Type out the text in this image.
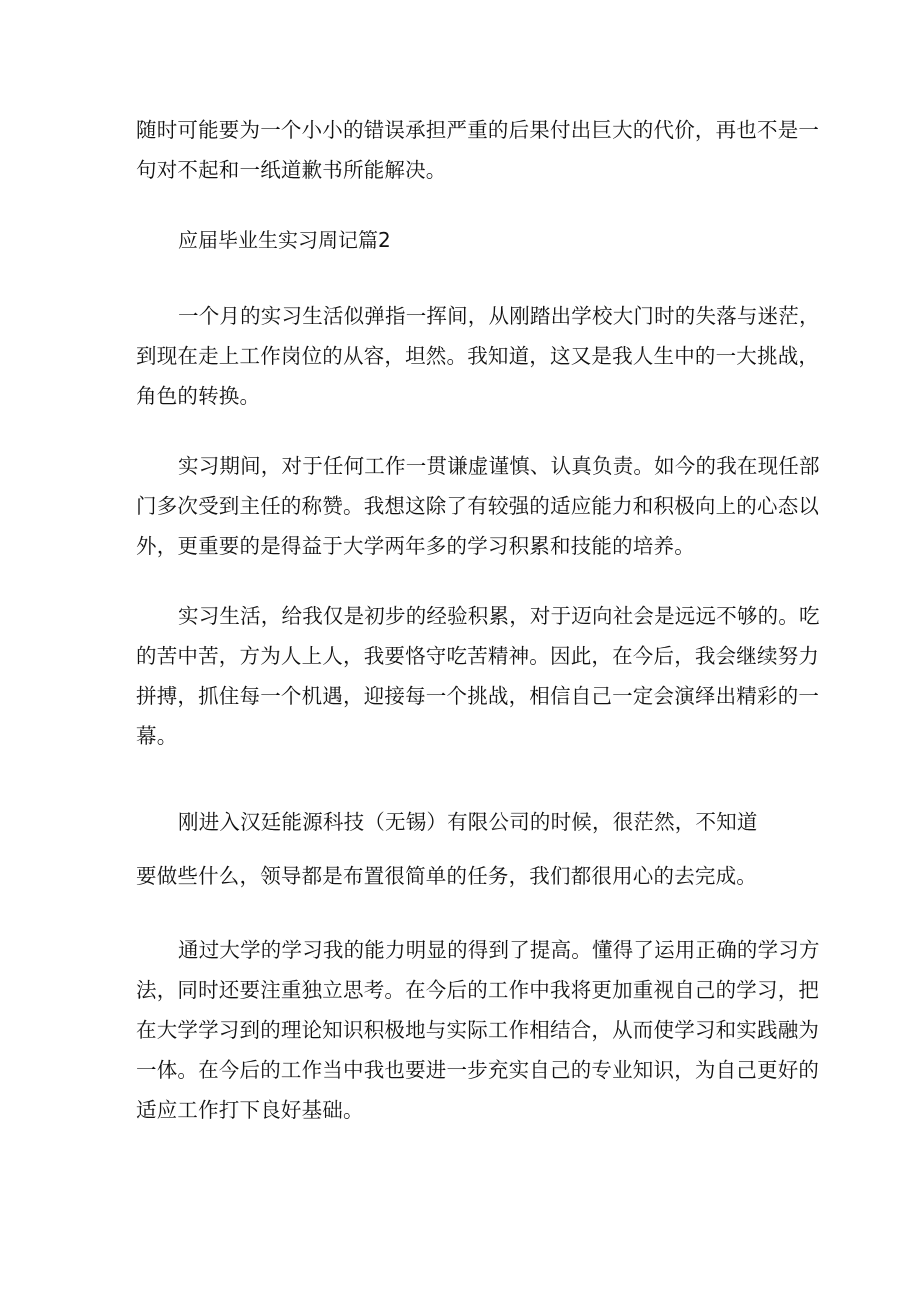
随时可能要为一个小小的错误承担严重的后果付出巨大的代价，再也不是一
句对不起和一纸道歉书所能解决。
应届毕业生实习周记篇2
一个月的实习生活似弹指一挥间，从刚踏出学校大门时的失落与迷茫，
到现在走上工作岗位的从容，坦然。我知道，这又是我人生中的一大挑战，
角色的转换。
实习期间，对于任何工作一贯谦虚谨慎、认真负责。如今的我在现任部
门多次受到主任的称赞。我想这除了有较强的适应能力和积极向上的心态以
外，更重要的是得益于大学两年多的学习积累和技能的培养。
实习生活，给我仅是初步的经验积累，对于迈向社会是远远不够的。吃
的苦中苦，方为人上人，我要恪守吃苦精神。因此，在今后，我会继续努力
拼搏，抓住每一个机遇，迎接每一个挑战，相信自己一定会演绎出精彩的一
幕。
刚进入汉廷能源科技（无锡）有限公司的时候，很茫然，不知道
要做些什么，领导都是布置很简单的任务，我们都很用心的去完成。
通过大学的学习我的能力明显的得到了提高。懂得了运用正确的学习方
法，同时还要注重独立思考。在今后的工作中我将更加重视自己的学习，把
在大学学习到的理论知识积极地与实际工作相结合，从而使学习和实践融为
一体。在今后的工作当中我也要进一步充实自己的专业知识，为自己更好的
适应工作打下良好基础。
